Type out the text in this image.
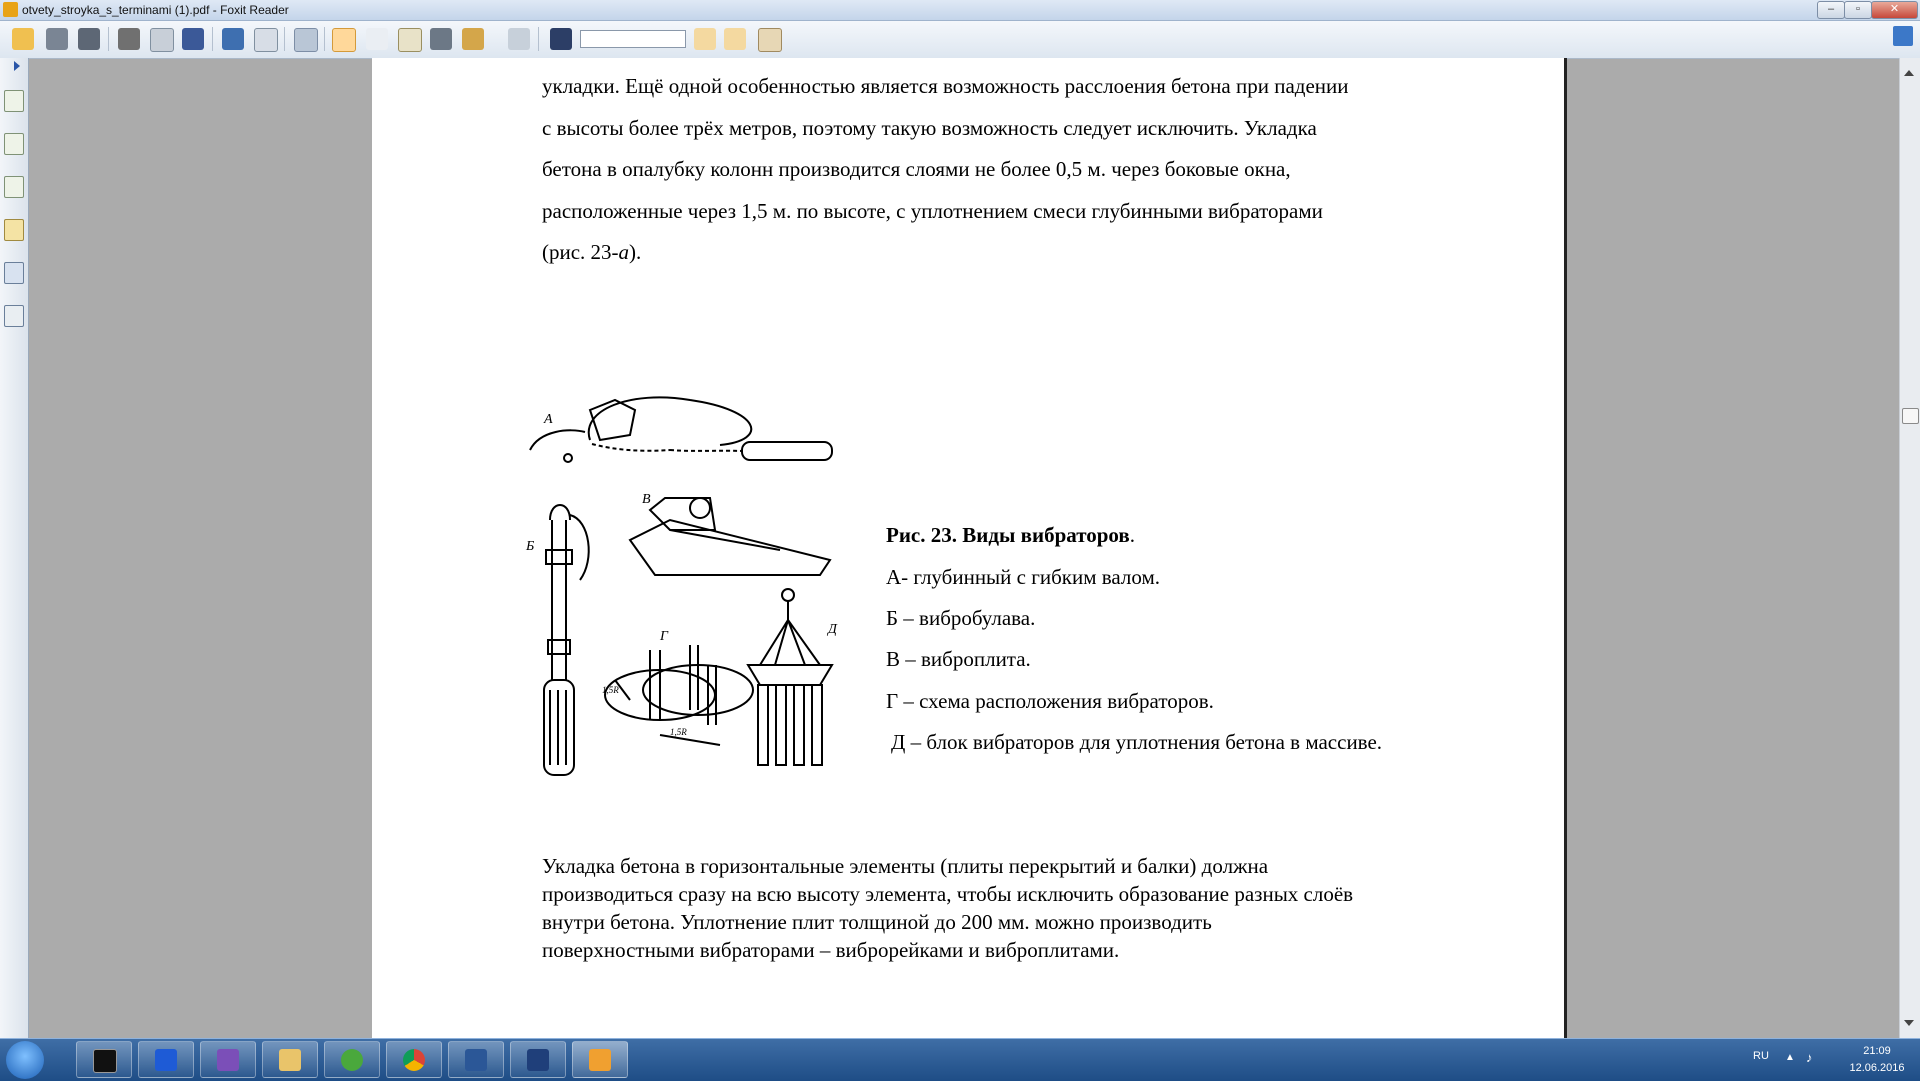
otvety_stroyka_s_terminami (1).pdf - Foxit Reader	–	▫	✕
укладки. Ещё одной особенностью является возможность расслоения бетона при падении
с высоты более трёх метров, поэтому такую возможность следует исключить. Укладка
бетона в опалубку колонн производится слоями не более 0,5 м. через боковые окна,
расположенные через 1,5 м. по высоте, с уплотнением смеси глубинными вибраторами
(рис. 23-а).
А
Б
В
Г	Д
1,5R
1,5R
Рис. 23. Виды вибраторов.
А- глубинный с гибким валом.
Б – вибробулава.
В – виброплита.
Г – схема расположения вибраторов.
Д – блок вибраторов для уплотнения бетона в массиве.
Укладка бетона в горизонтальные элементы (плиты перекрытий и балки) должна
производиться сразу на всю высоту элемента, чтобы исключить образование разных слоёв
внутри бетона. Уплотнение плит толщиной до 200 мм. можно производить
поверхностными вибраторами – виброрейками и виброплитами.
RU ▲ ♪	21:09
12.06.2016
